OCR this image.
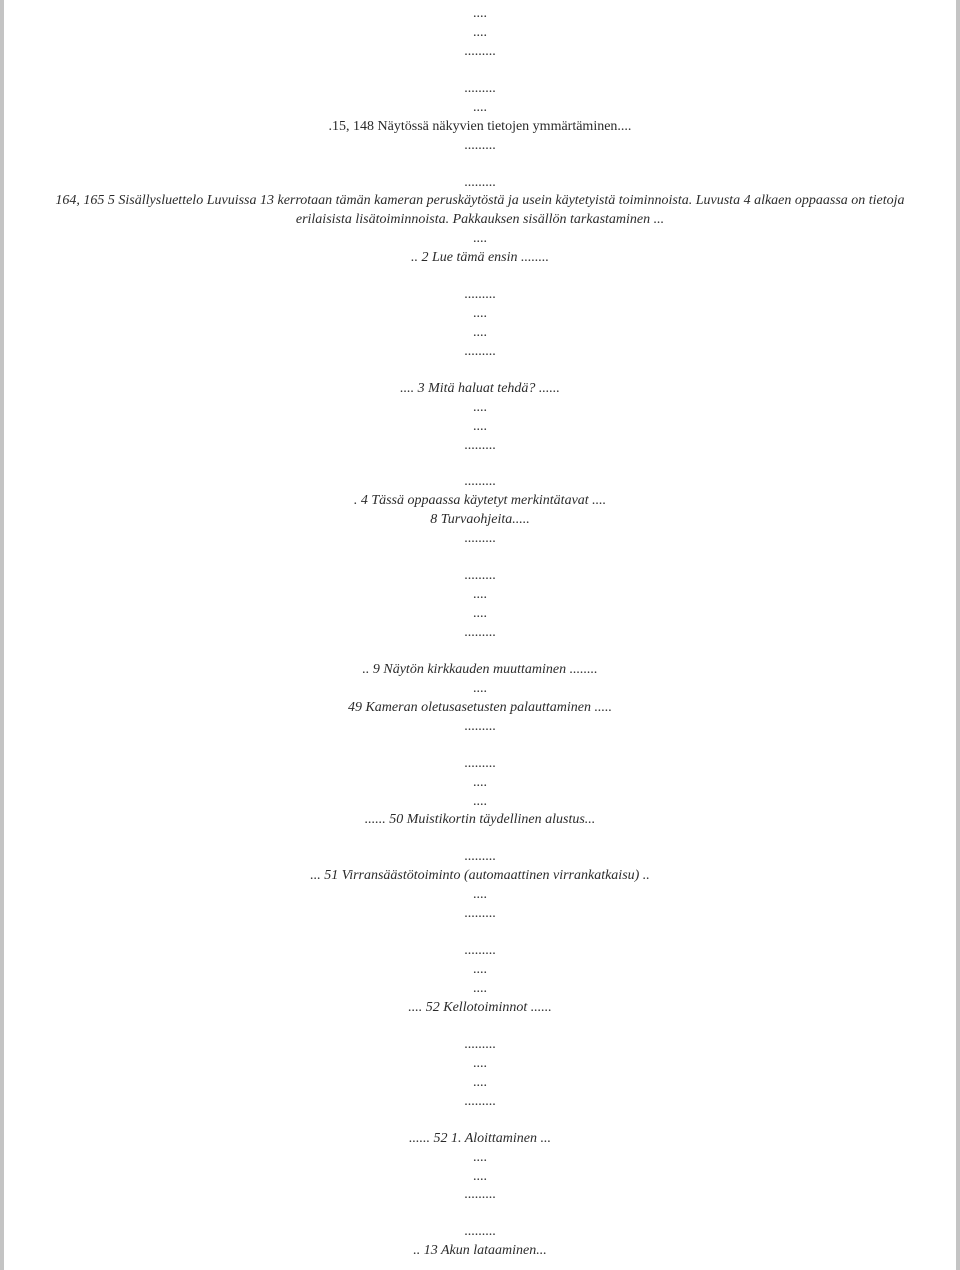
....
....
.........
.........
....
.15, 148 Näytössä näkyvien tietojen ymmärtäminen....
.........
.........
164, 165 5 Sisällysluettelo Luvuissa 13 kerrotaan tämän kameran peruskäytöstä ja usein käytetyistä toiminnoista. Luvusta 4 alkaen oppaassa on tietoja
erilaisista lisätoiminnoista. Pakkauksen sisällön tarkastaminen ...
....
.. 2 Lue tämä ensin ........
.........
....
....
.........
.... 3 Mitä haluat tehdä? ......
....
....
.........
.........
. 4 Tässä oppaassa käytetyt merkintätavat ....
8 Turvaohjeita.....
.........
.........
....
....
.........
.. 9 Näytön kirkkauden muuttaminen ........
....
49 Kameran oletusasetusten palauttaminen .....
.........
.........
....
....
...... 50 Muistikortin täydellinen alustus...
.........
... 51 Virransäästötoiminto (automaattinen virrankatkaisu) ..
....
.........
.........
....
....
.... 52 Kellotoiminnot ......
.........
....
....
.........
...... 52 1. Aloittaminen ...
....
....
.........
.........
.. 13 Akun lataaminen...
